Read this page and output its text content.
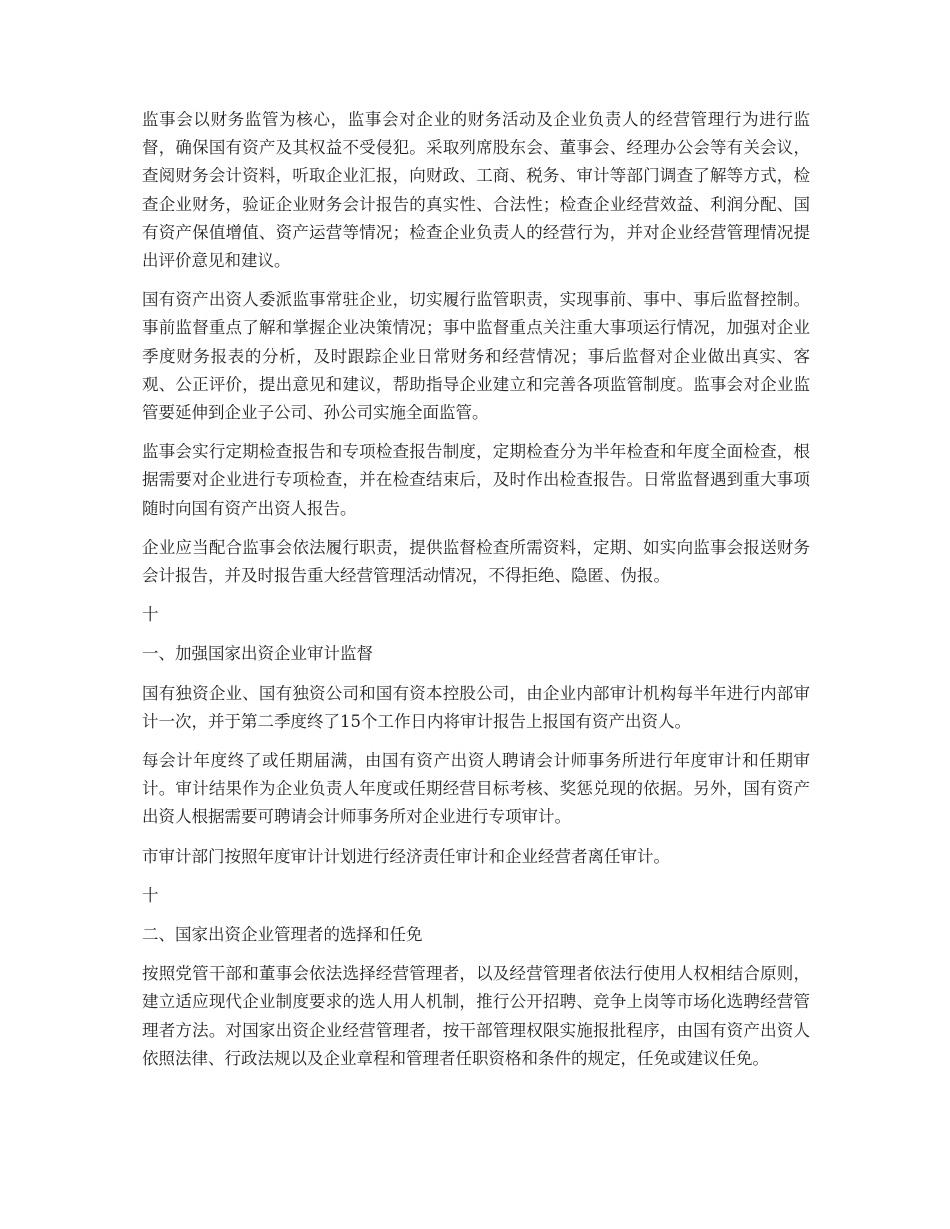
监事会以财务监管为核心，监事会对企业的财务活动及企业负责人的经营管理行为进行监督，确保国有资产及其权益不受侵犯。采取列席股东会、董事会、经理办公会等有关会议，查阅财务会计资料，听取企业汇报，向财政、工商、税务、审计等部门调查了解等方式，检查企业财务，验证企业财务会计报告的真实性、合法性；检查企业经营效益、利润分配、国有资产保值增值、资产运营等情况；检查企业负责人的经营行为，并对企业经营管理情况提出评价意见和建议。

国有资产出资人委派监事常驻企业，切实履行监管职责，实现事前、事中、事后监督控制。事前监督重点了解和掌握企业决策情况；事中监督重点关注重大事项运行情况，加强对企业季度财务报表的分析，及时跟踪企业日常财务和经营情况；事后监督对企业做出真实、客观、公正评价，提出意见和建议，帮助指导企业建立和完善各项监管制度。监事会对企业监管要延伸到企业子公司、孙公司实施全面监管。

监事会实行定期检查报告和专项检查报告制度，定期检查分为半年检查和年度全面检查，根据需要对企业进行专项检查，并在检查结束后，及时作出检查报告。日常监督遇到重大事项随时向国有资产出资人报告。

企业应当配合监事会依法履行职责，提供监督检查所需资料，定期、如实向监事会报送财务会计报告，并及时报告重大经营管理活动情况，不得拒绝、隐匿、伪报。

十

一、加强国家出资企业审计监督

国有独资企业、国有独资公司和国有资本控股公司，由企业内部审计机构每半年进行内部审计一次，并于第二季度终了15个工作日内将审计报告上报国有资产出资人。

每会计年度终了或任期届满，由国有资产出资人聘请会计师事务所进行年度审计和任期审计。审计结果作为企业负责人年度或任期经营目标考核、奖惩兑现的依据。另外，国有资产出资人根据需要可聘请会计师事务所对企业进行专项审计。

市审计部门按照年度审计计划进行经济责任审计和企业经营者离任审计。

十

二、国家出资企业管理者的选择和任免

按照党管干部和董事会依法选择经营管理者，以及经营管理者依法行使用人权相结合原则，建立适应现代企业制度要求的选人用人机制，推行公开招聘、竞争上岗等市场化选聘经营管理者方法。对国家出资企业经营管理者，按干部管理权限实施报批程序，由国有资产出资人依照法律、行政法规以及企业章程和管理者任职资格和条件的规定，任免或建议任免。
